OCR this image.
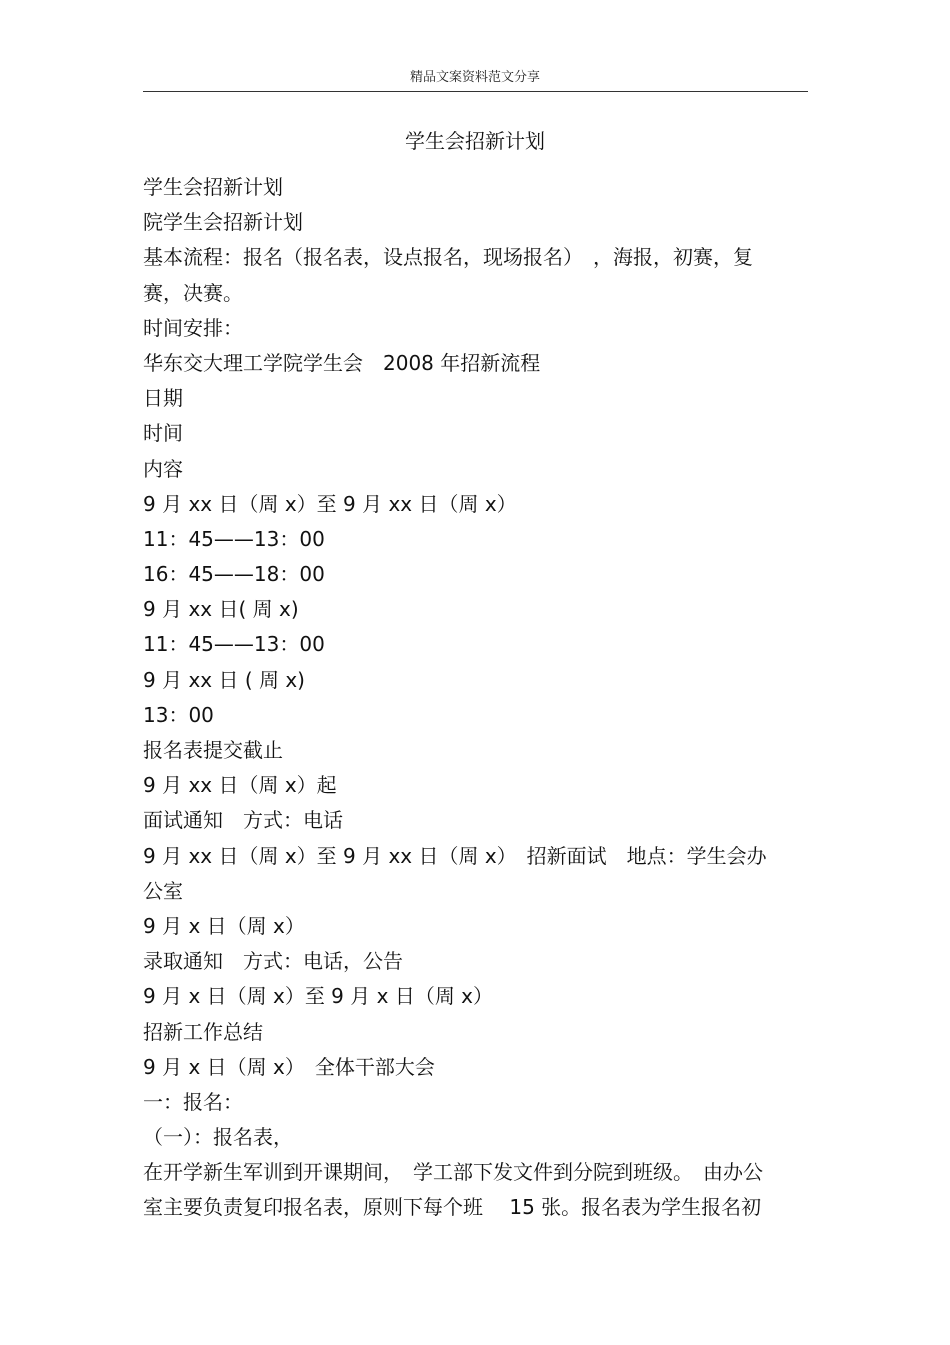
精品文案资料范文分享
学生会招新计划
学生会招新计划
院学生会招新计划
基本流程：报名（报名表，设点报名，现场报名）　，海报，初赛，复
赛，决赛。
时间安排：
华东交大理工学院学生会　2008 年招新流程
日期
时间
内容
9 月 xx 日（周 x）至 9 月 xx 日（周 x）
11：45——13：00
16：45——18：00
9 月 xx 日( 周 x)
11：45——13：00
9 月 xx 日 ( 周 x)
13：00
报名表提交截止
9 月 xx 日（周 x）起
面试通知　方式：电话
9 月 xx 日（周 x）至 9 月 xx 日（周 x）　招新面试　地点：学生会办
公室
9 月 x 日（周 x）
录取通知　方式：电话，公告
9 月 x 日（周 x）至 9 月 x 日（周 x）
招新工作总结
9 月 x 日（周 x）　全体干部大会
一：报名：
（一）：报名表，
在开学新生军训到开课期间，　学工部下发文件到分院到班级。　由办公
室主要负责复印报名表，原则下每个班　 15 张。报名表为学生报名初
